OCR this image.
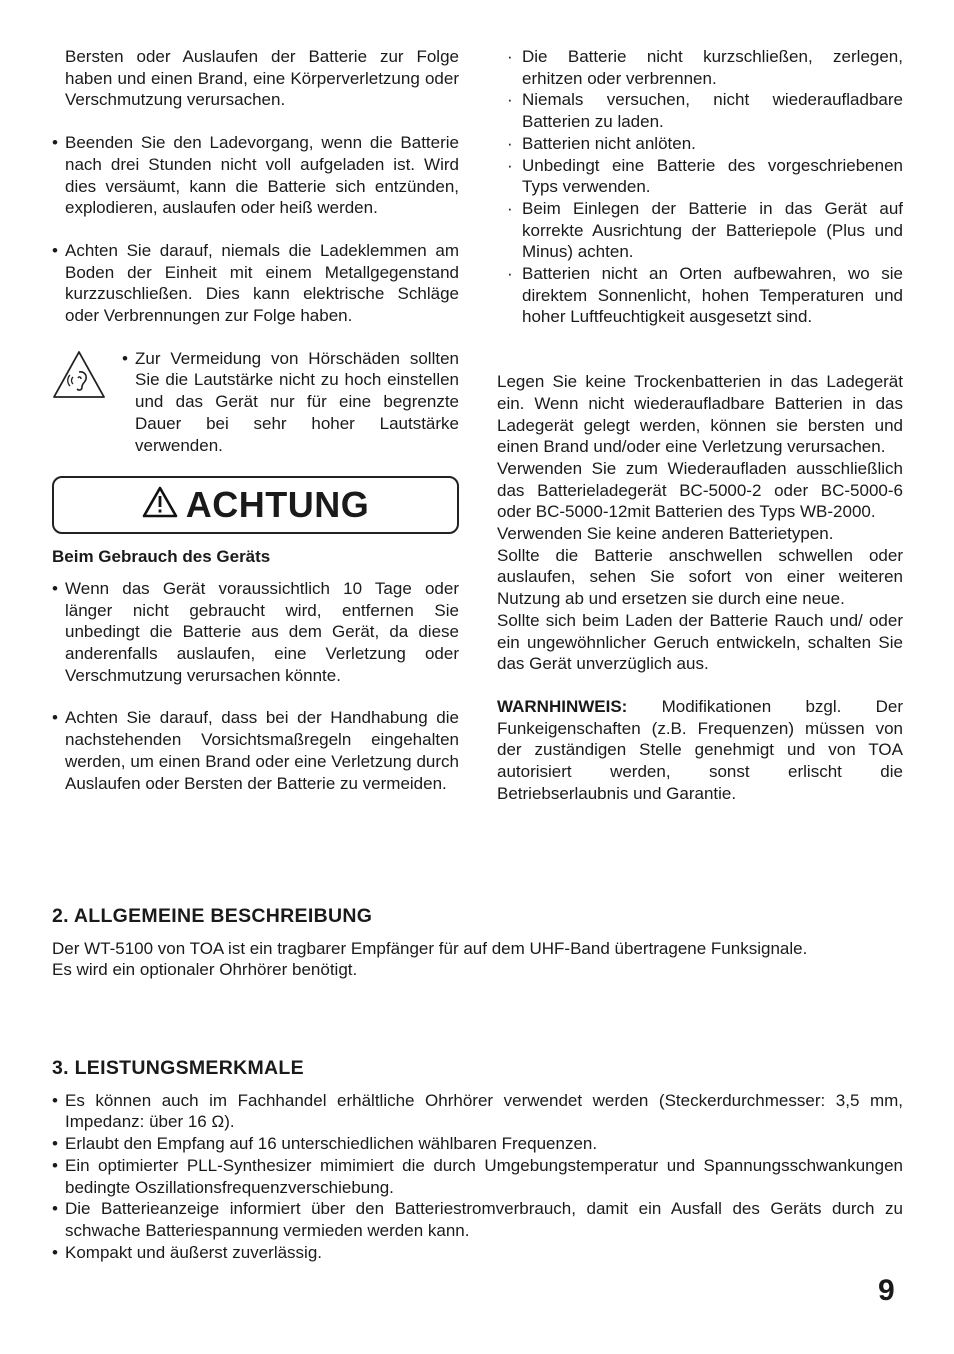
Bersten oder Auslaufen der Batterie zur Folge haben und einen Brand, eine Körperverletzung oder Verschmutzung verursachen.

• Beenden Sie den Ladevorgang, wenn die Batterie nach drei Stunden nicht voll aufgeladen ist. Wird dies versäumt, kann die Batterie sich entzünden, explodieren, auslaufen oder heiß werden.

• Achten Sie darauf, niemals die Ladeklemmen am Boden der Einheit mit einem Metallgegenstand kurzzuschließen. Dies kann elektrische Schläge oder Verbrennungen zur Folge haben.

• Zur Vermeidung von Hörschäden sollten Sie die Lautstärke nicht zu hoch einstellen und das Gerät nur für eine begrenzte Dauer bei sehr hoher Lautstärke verwenden.

ACHTUNG

Beim Gebrauch des Geräts

• Wenn das Gerät voraussichtlich 10 Tage oder länger nicht gebraucht wird, entfernen Sie unbedingt die Batterie aus dem Gerät, da diese anderenfalls auslaufen, eine Verletzung oder Verschmutzung verursachen könnte.

• Achten Sie darauf, dass bei der Handhabung die nachstehenden Vorsichtsmaßregeln eingehalten werden, um einen Brand oder eine Verletzung durch Auslaufen oder Bersten der Batterie zu vermeiden.

· Die Batterie nicht kurzschließen, zerlegen, erhitzen oder verbrennen.

· Niemals versuchen, nicht wiederaufladbare Batterien zu laden.

· Batterien nicht anlöten.

· Unbedingt eine Batterie des vorgeschriebenen Typs verwenden.

· Beim Einlegen der Batterie in das Gerät auf korrekte Ausrichtung der Batteriepole (Plus und Minus) achten.

· Batterien nicht an Orten aufbewahren, wo sie direktem Sonnenlicht, hohen Temperaturen und hoher Luftfeuchtigkeit ausgesetzt sind.

Legen Sie keine Trockenbatterien in das Ladegerät ein. Wenn nicht wiederaufladbare Batterien in das Ladegerät gelegt werden, können sie bersten und einen Brand und/oder eine Verletzung verursachen.

Verwenden Sie zum Wiederaufladen ausschließlich das Batterieladegerät BC-5000-2 oder BC-5000-6 oder BC-5000-12mit Batterien des Typs WB-2000.

Verwenden Sie keine anderen Batterietypen.

Sollte die Batterie anschwellen schwellen oder auslaufen, sehen Sie sofort von einer weiteren Nutzung ab und ersetzen sie durch eine neue.

Sollte sich beim Laden der Batterie Rauch und/ oder ein ungewöhnlicher Geruch entwickeln, schalten Sie das Gerät unverzüglich aus.

WARNHINWEIS: Modifikationen bzgl. Der Funkeigenschaften (z.B. Frequenzen) müssen von der zuständigen Stelle genehmigt und von TOA autorisiert werden, sonst erlischt die Betriebserlaubnis und Garantie.

2. ALLGEMEINE BESCHREIBUNG

Der WT-5100 von TOA ist ein tragbarer Empfänger für auf dem UHF-Band übertragene Funksignale.

Es wird ein optionaler Ohrhörer benötigt.

3. LEISTUNGSMERKMALE

• Es können auch im Fachhandel erhältliche Ohrhörer verwendet werden (Steckerdurchmesser: 3,5 mm, Impedanz: über 16 Ω).

• Erlaubt den Empfang auf 16 unterschiedlichen wählbaren Frequenzen.

• Ein optimierter PLL-Synthesizer mimimiert die durch Umgebungstemperatur und Spannungsschwankungen bedingte Oszillationsfrequenzverschiebung.

• Die Batterieanzeige informiert über den Batteriestromverbrauch, damit ein Ausfall des Geräts durch zu schwache Batteriespannung vermieden werden kann.

• Kompakt und äußerst zuverlässig.

9
